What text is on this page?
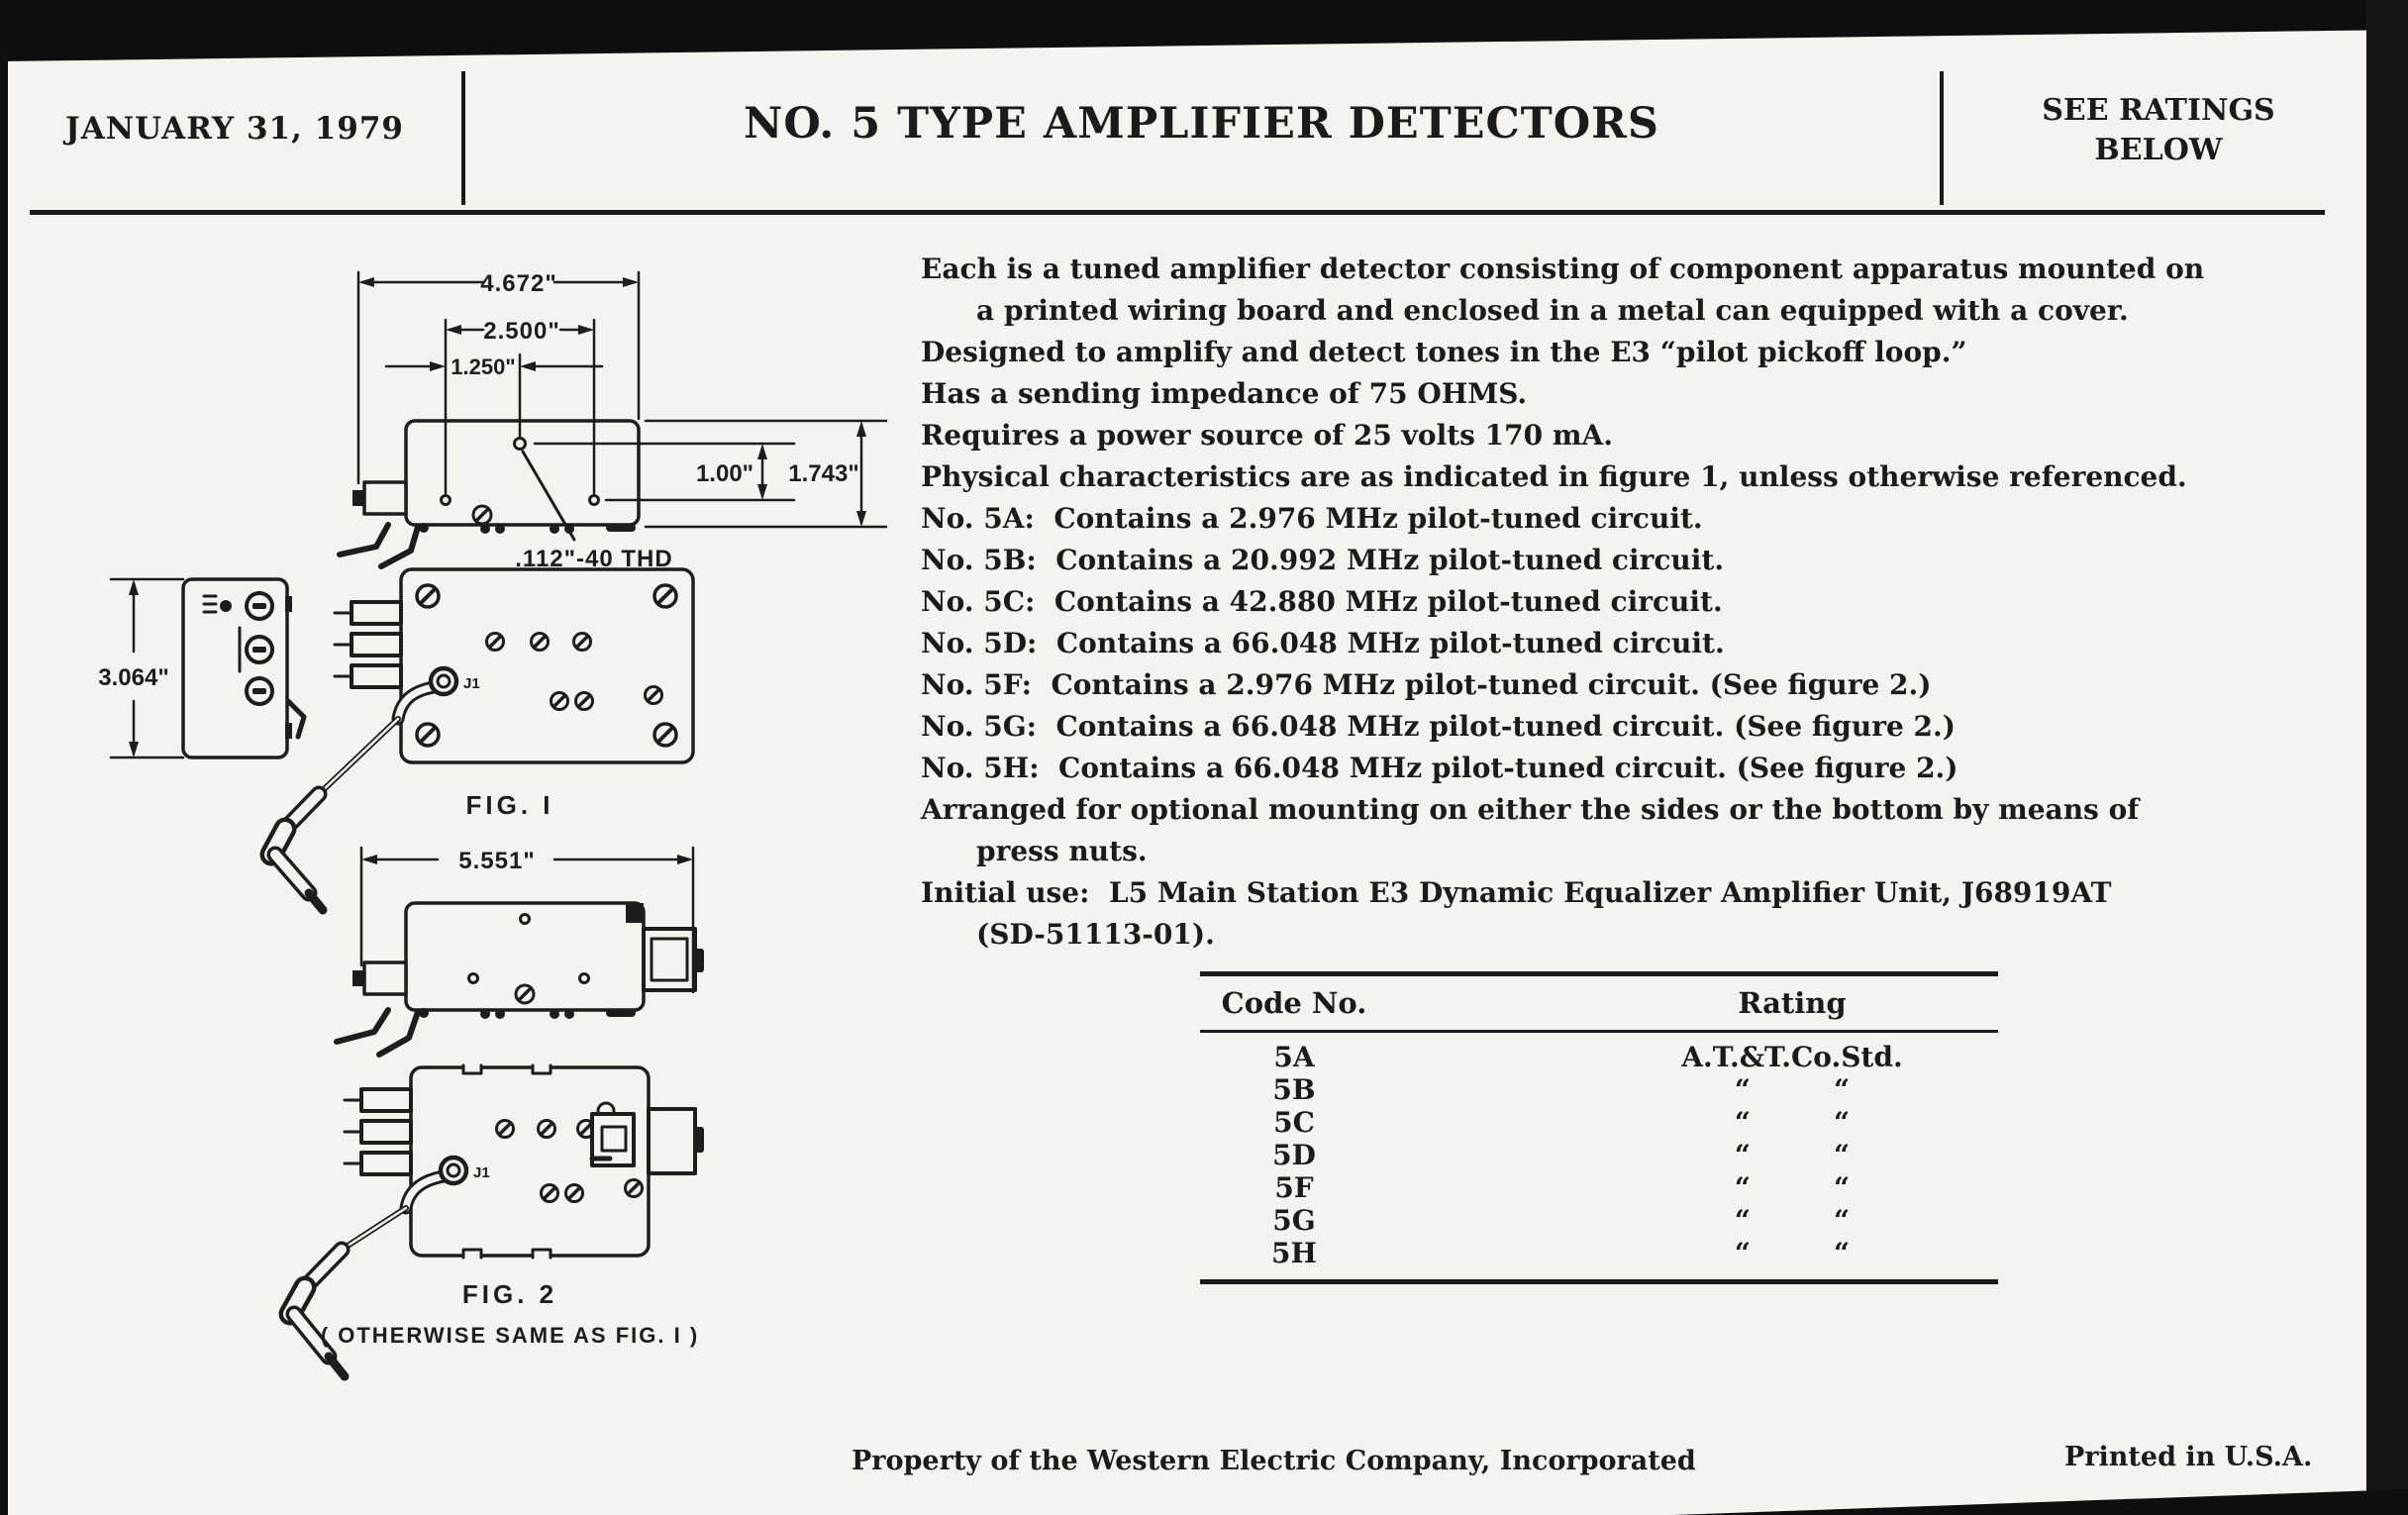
JANUARY 31, 1979	NO. 5 TYPE AMPLIFIER DETECTORS	SEE RATINGS BELOW
Each is a tuned amplifier detector consisting of component apparatus mounted on
a printed wiring board and enclosed in a metal can equipped with a cover.
Designed to amplify and detect tones in the E3 “pilot pickoff loop.”
Has a sending impedance of 75 OHMS.
Requires a power source of 25 volts 170 mA.
Physical characteristics are as indicated in figure 1, unless otherwise referenced.
No. 5A:  Contains a 2.976 MHz pilot-tuned circuit.
No. 5B:  Contains a 20.992 MHz pilot-tuned circuit.
No. 5C:  Contains a 42.880 MHz pilot-tuned circuit.
No. 5D:  Contains a 66.048 MHz pilot-tuned circuit.
No. 5F:  Contains a 2.976 MHz pilot-tuned circuit. (See figure 2.)
No. 5G:  Contains a 66.048 MHz pilot-tuned circuit. (See figure 2.)
No. 5H:  Contains a 66.048 MHz pilot-tuned circuit. (See figure 2.)
Arranged for optional mounting on either the sides or the bottom by means of
press nuts.
Initial use:  L5 Main Station E3 Dynamic Equalizer Amplifier Unit, J68919AT
(SD-51113-01).
Code No.	Rating
5A	A.T.&T.Co.Std.
5B	“   “
5C	“   “
5D	“   “
5F	“   “
5G	“   “
5H	“   “
Property of the Western Electric Company, Incorporated	Printed in U.S.A.
4.672"
2.500"
1.250"
.112"-40 THD
1.00" 1.743"
3.064"	J1
FIG. I
5.551"
J1
FIG. 2
( OTHERWISE SAME AS FIG. I )
